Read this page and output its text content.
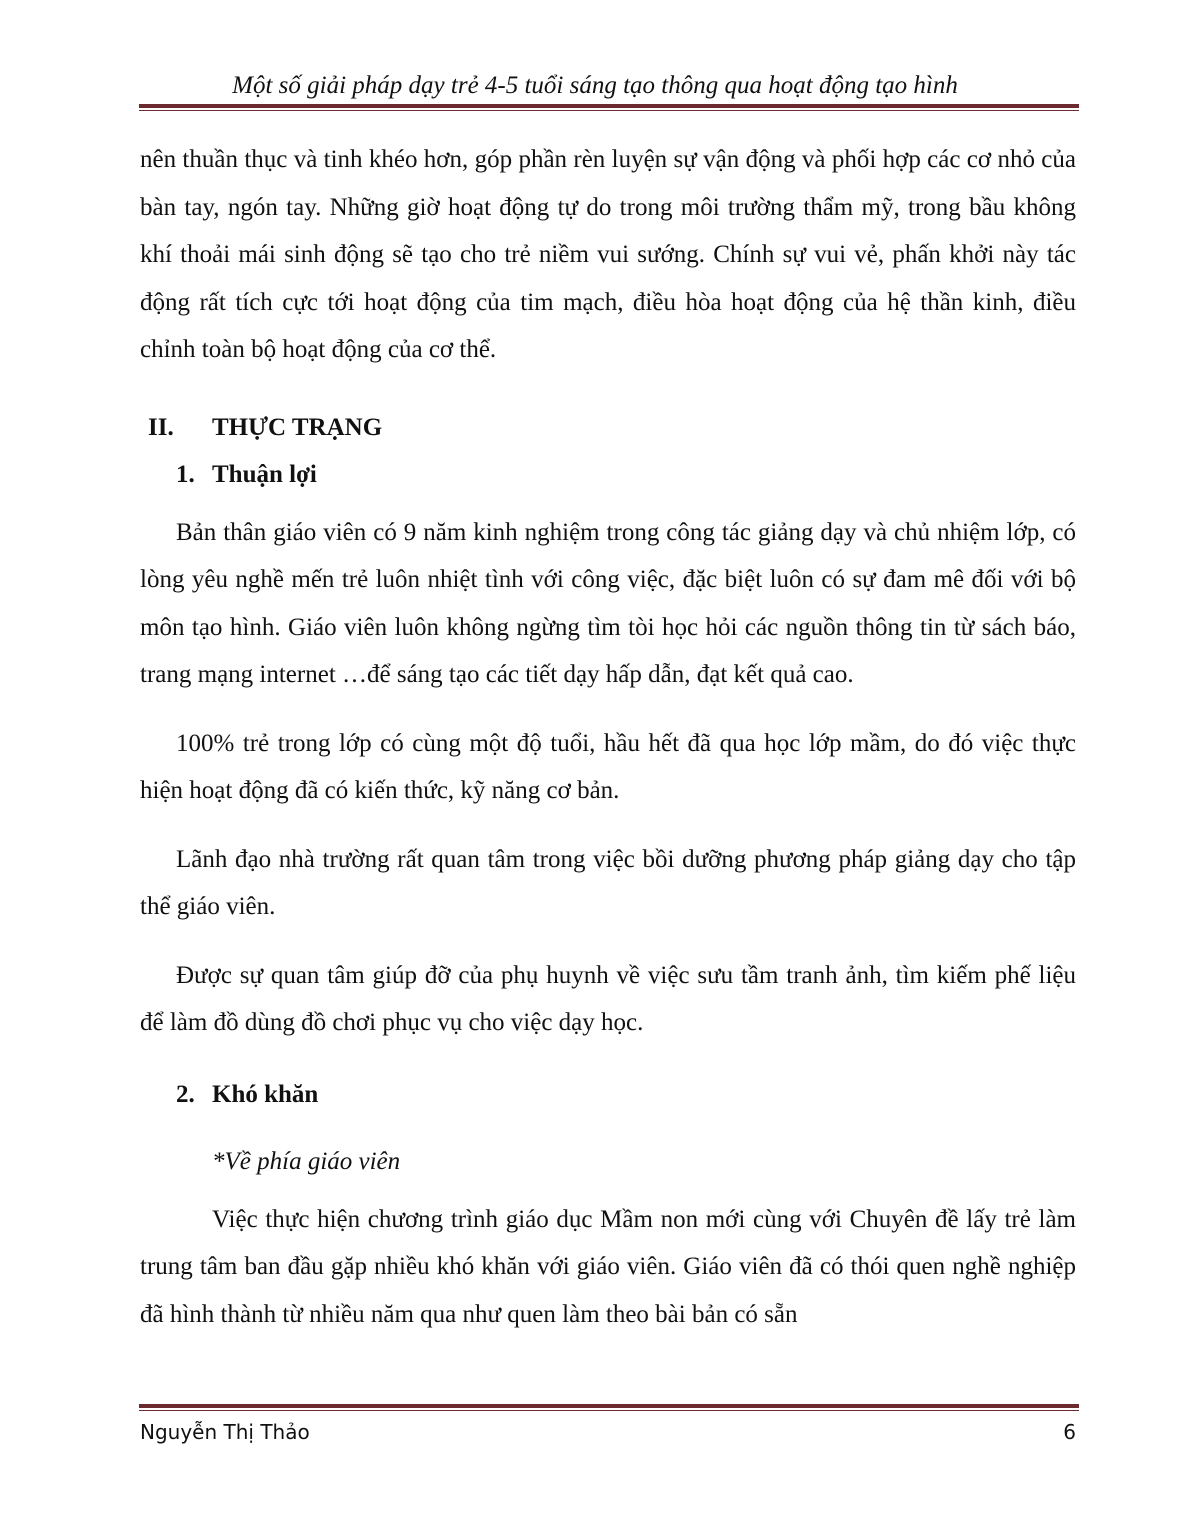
Một số giải pháp dạy trẻ 4-5 tuổi sáng tạo thông qua hoạt động tạo hình

nên thuần thục và tinh khéo hơn, góp phần rèn luyện sự vận động và phối hợp các cơ nhỏ của bàn tay, ngón tay. Những giờ hoạt động tự do trong môi trường thẩm mỹ, trong bầu không khí thoải mái sinh động sẽ tạo cho trẻ niềm vui sướng. Chính sự vui vẻ, phấn khởi này tác động rất tích cực tới hoạt động của tim mạch, điều hòa hoạt động của hệ thần kinh, điều chỉnh toàn bộ hoạt động của cơ thể.

II. THỰC TRẠNG
1. Thuận lợi

Bản thân giáo viên có 9 năm kinh nghiệm trong công tác giảng dạy và chủ nhiệm lớp, có lòng yêu nghề mến trẻ luôn nhiệt tình với công việc, đặc biệt luôn có sự đam mê đối với bộ môn tạo hình. Giáo viên luôn không ngừng tìm tòi học hỏi các nguồn thông tin từ sách báo, trang mạng internet …để sáng tạo các tiết dạy hấp dẫn, đạt kết quả cao.

100% trẻ trong lớp có cùng một độ tuổi, hầu hết đã qua học lớp mầm, do đó việc thực hiện hoạt động đã có kiến thức, kỹ năng cơ bản.

Lãnh đạo nhà trường rất quan tâm trong việc bồi dưỡng phương pháp giảng dạy cho tập thể giáo viên.

Được sự quan tâm giúp đỡ của phụ huynh về việc sưu tầm tranh ảnh, tìm kiếm phế liệu để làm đồ dùng đồ chơi phục vụ cho việc dạy học.

2. Khó khăn

*Về phía giáo viên

Việc thực hiện chương trình giáo dục Mầm non mới cùng với Chuyên đề lấy trẻ làm trung tâm ban đầu gặp nhiều khó khăn với giáo viên. Giáo viên đã có thói quen nghề nghiệp đã hình thành từ nhiều năm qua như quen làm theo bài bản có sẵn

Nguyễn Thị Thảo	6
